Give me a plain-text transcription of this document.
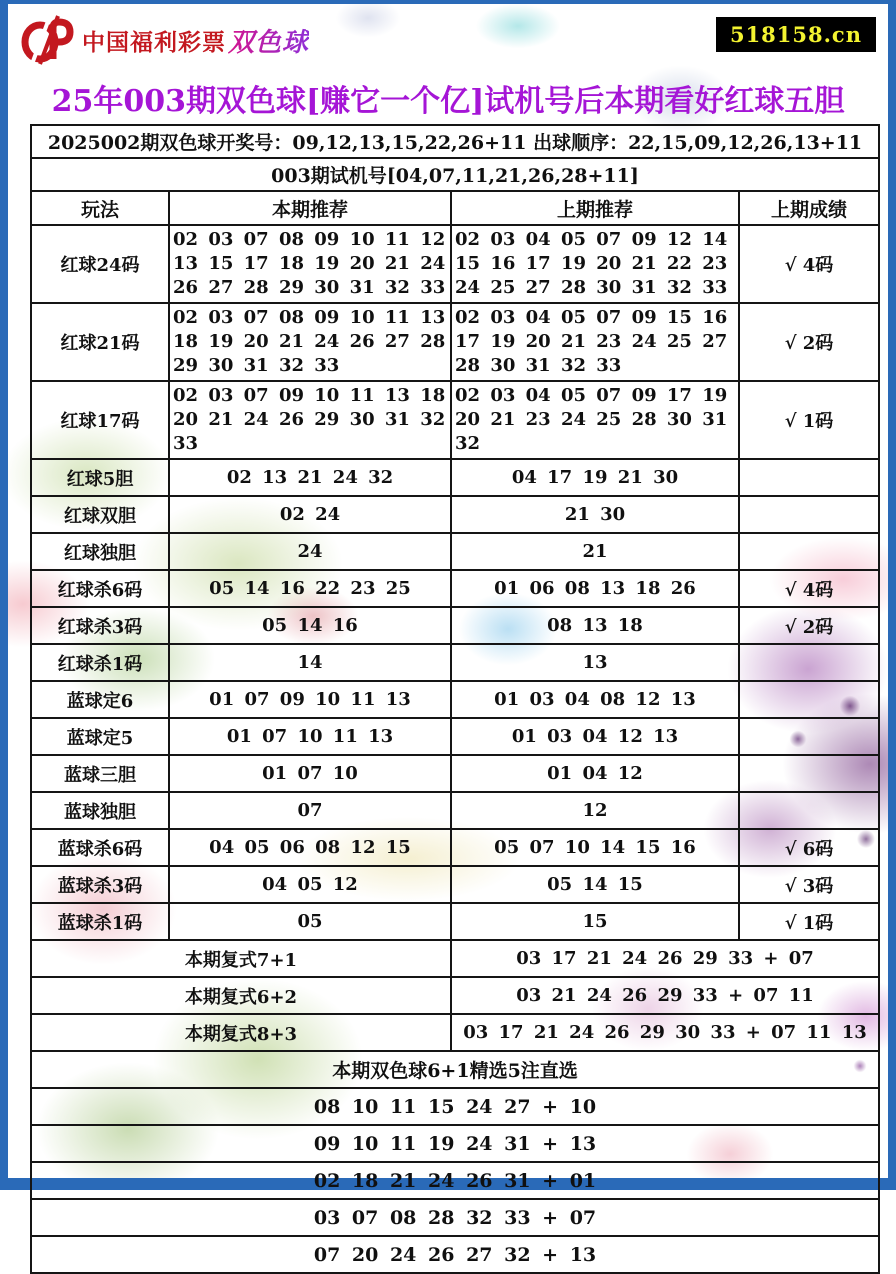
中国福利彩票 双色球	518158.cn
25年003期双色球[赚它一个亿]试机号后本期看好红球五胆
2025002期双色球开奖号：09,12,13,15,22,26+11 出球顺序：22,15,09,12,26,13+11			
003期试机号[04,07,11,21,26,28+11]			
玩法	本期推荐	上期推荐	上期成绩
红球24码	02 03 07 08 09 10 11 12 13 15 17 18 19 20 21 24 26 27 28 29 30 31 32 33	02 03 04 05 07 09 12 14 15 16 17 19 20 21 22 23 24 25 27 28 30 31 32 33	√ 4码
红球21码	02 03 07 08 09 10 11 13 18 19 20 21 24 26 27 28 29 30 31 32 33	02 03 04 05 07 09 15 16 17 19 20 21 23 24 25 27 28 30 31 32 33	√ 2码
红球17码	02 03 07 09 10 11 13 18 20 21 24 26 29 30 31 32 33	02 03 04 05 07 09 17 19 20 21 23 24 25 28 30 31 32	√ 1码
红球5胆	02 13 21 24 32	04 17 19 21 30	
红球双胆	02 24	21 30	
红球独胆	24	21	
红球杀6码	05 14 16 22 23 25	01 06 08 13 18 26	√ 4码
红球杀3码	05 14 16	08 13 18	√ 2码
红球杀1码	14	13	
蓝球定6	01 07 09 10 11 13	01 03 04 08 12 13	
蓝球定5	01 07 10 11 13	01 03 04 12 13	
蓝球三胆	01 07 10	01 04 12	
蓝球独胆	07	12	
蓝球杀6码	04 05 06 08 12 15	05 07 10 14 15 16	√ 6码
蓝球杀3码	04 05 12	05 14 15	√ 3码
蓝球杀1码	05	15	√ 1码
本期复式7+1		03 17 21 24 26 29 33 + 07	
本期复式6+2		03 21 24 26 29 33 + 07 11	
本期复式8+3		03 17 21 24 26 29 30 33 + 07 11 13	
本期双色球6+1精选5注直选			
08 10 11 15 24 27 + 10			
09 10 11 19 24 31 + 13			
02 18 21 24 26 31 + 01			
03 07 08 28 32 33 + 07			
07 20 24 26 27 32 + 13			
